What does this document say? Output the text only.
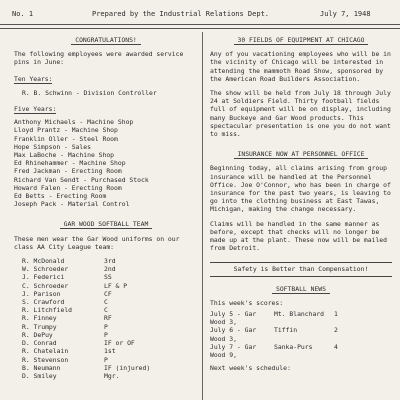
No. 1	Prepared by the Industrial Relations Dept.	July 7, 1948
CONGRATULATIONS!

The following employees were awarded service pins in June:

Ten Years:
R. B. Schwinn - Division Controller
Five Years:
Anthony Michaels - Machine Shop
Lloyd Prantz - Machine Shop
Franklin Oller - Steel Room
Hope Simpson - Sales
Max LaBoche - Machine Shop
Ed Rhinehammer - Machine Shop
Fred Jackman - Erecting Room
Richard Van Sendt - Purchased Stock
Howard Falen - Erecting Room
Ed Betts - Erecting Room
Joseph Pack - Material Control
GAR WOOD SOFTBALL TEAM

These men wear the Gar Wood uniforms on our class AA City League team:

R. McDonald	3rd
W. Schroeder	2nd
J. Federici	SS
C. Schroeder	LF & P
J. Parison	CF
S. Crawford	C
R. Litchfield	C
R. Finney	RF
R. Trumpy	P
R. DePuy	P
D. Conrad	IF or OF
R. Chatelain	1st
R. Stevenson	P
B. Neumann	IF (injured)
D. Smiley	Mgr.
30 FIELDS OF EQUIPMENT AT CHICAGO

Any of you vacationing employees who will be in the vicinity of Chicago will be interested in attending the mammoth Road Show, sponsored by the American Road Builders Association.

The show will be held from July 18 through July 24 at Soldiers Field. Thirty football fields full of equipment will be on display, including many Buckeye and Gar Wood products. This spectacular presentation is one you do not want to miss.

INSURANCE NOW AT PERSONNEL OFFICE

Beginning today, all claims arising from group insurance will be handled at the Personnel Office. Joe O'Connor, who has been in charge of insurance for the past two years, is leaving to go into the clothing business at East Tawas, Michigan, making the change necessary.

Claims will be handled in the same manner as before, except that checks will no longer be made up at the plant. These now will be mailed from Detroit.

Safety is Better than Compensation!
SOFTBALL NEWS

This week's scores:

July 5 - Gar Wood 3,
Mt. Blanchard	1
July 6 - Gar Wood 3,
Tiffin	2
July 7 - Gar Wood 9,
Sanka-Purs	4

Next week's schedule:
